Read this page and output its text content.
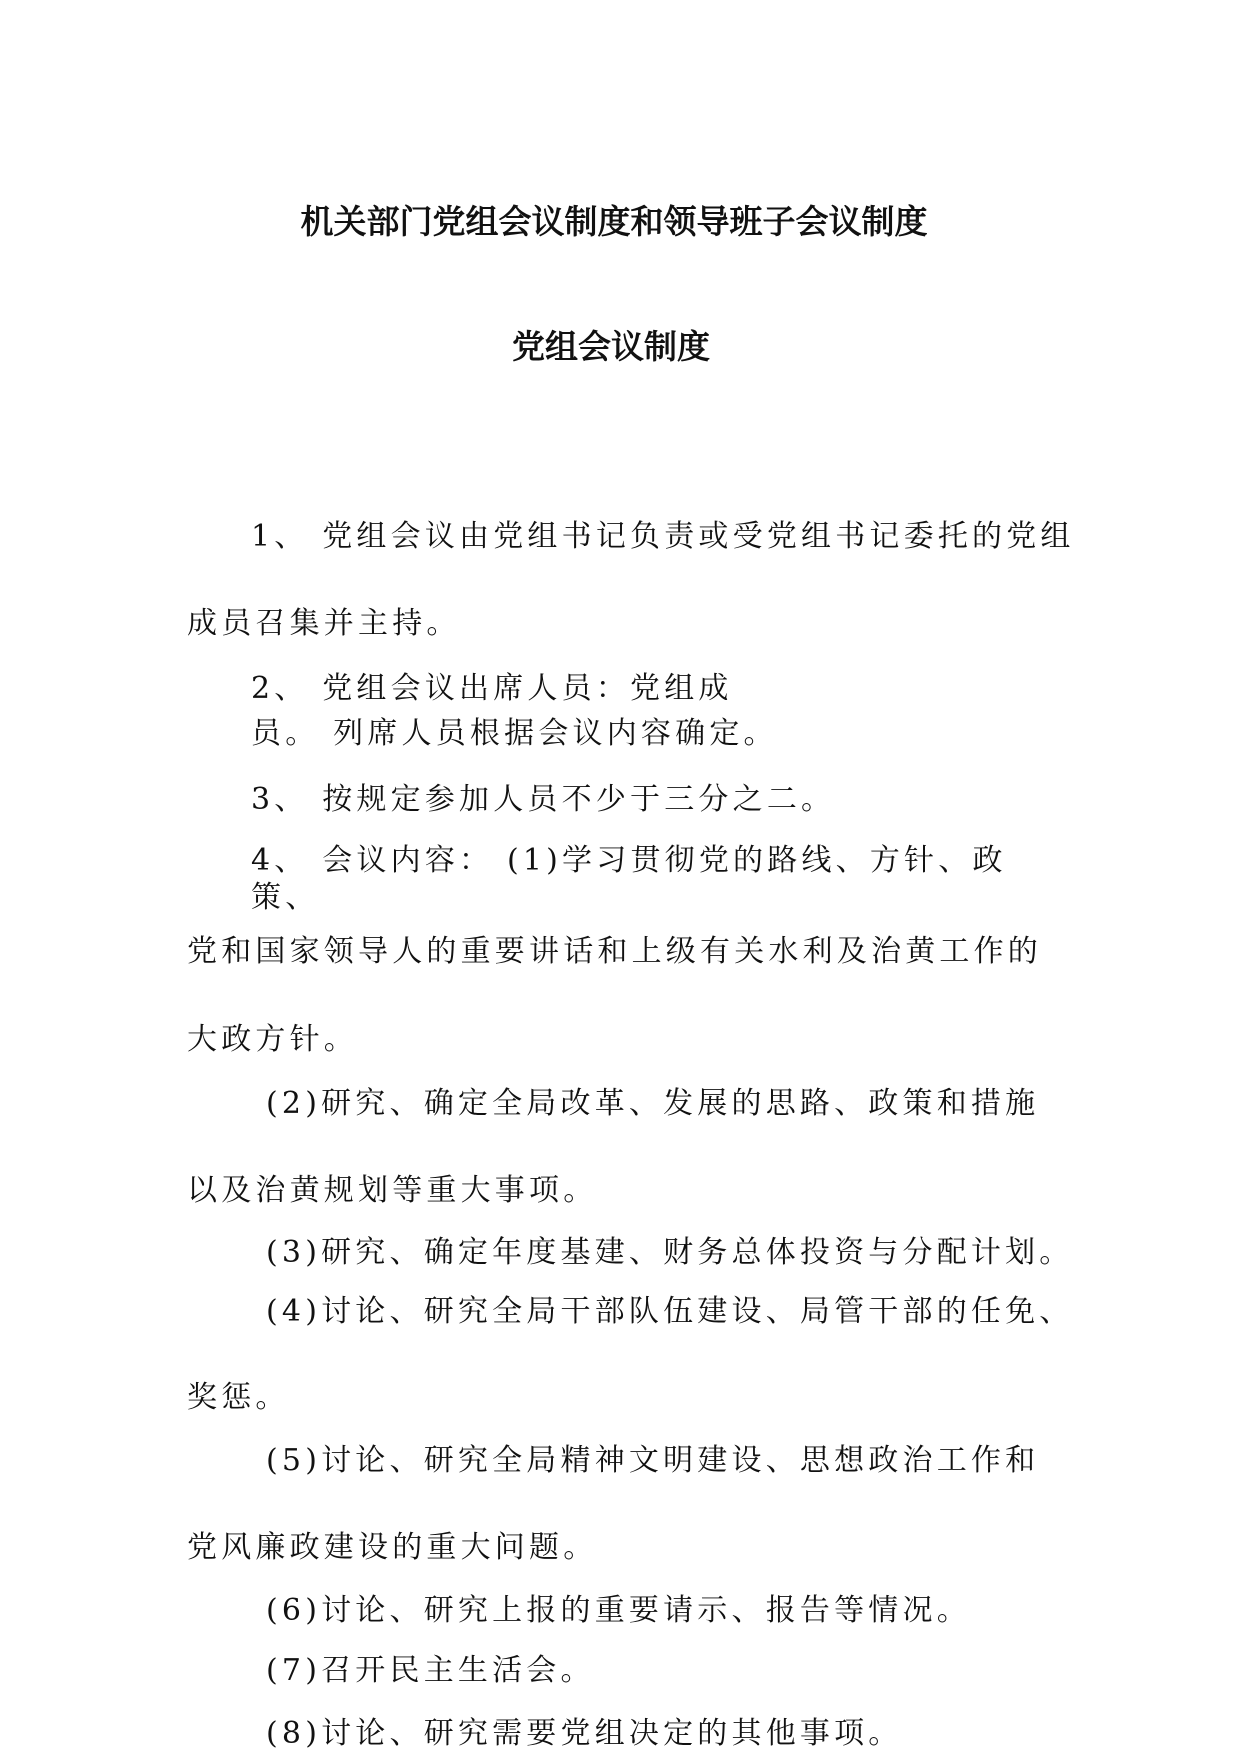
机关部门党组会议制度和领导班子会议制度
党组会议制度
1、 党组会议由党组书记负责或受党组书记委托的党组
成员召集并主持。
2、 党组会议出席人员：党组成
员。 列席人员根据会议内容确定。
3、 按规定参加人员不少于三分之二。
4、 会议内容： (1)学习贯彻党的路线、方针、政
策、
党和国家领导人的重要讲话和上级有关水利及治黄工作的
大政方针。
(2)研究、确定全局改革、发展的思路、政策和措施
以及治黄规划等重大事项。
(3)研究、确定年度基建、财务总体投资与分配计划。
(4)讨论、研究全局干部队伍建设、局管干部的任免、
奖惩。
(5)讨论、研究全局精神文明建设、思想政治工作和
党风廉政建设的重大问题。
(6)讨论、研究上报的重要请示、报告等情况。
(7)召开民主生活会。
(8)讨论、研究需要党组决定的其他事项。
